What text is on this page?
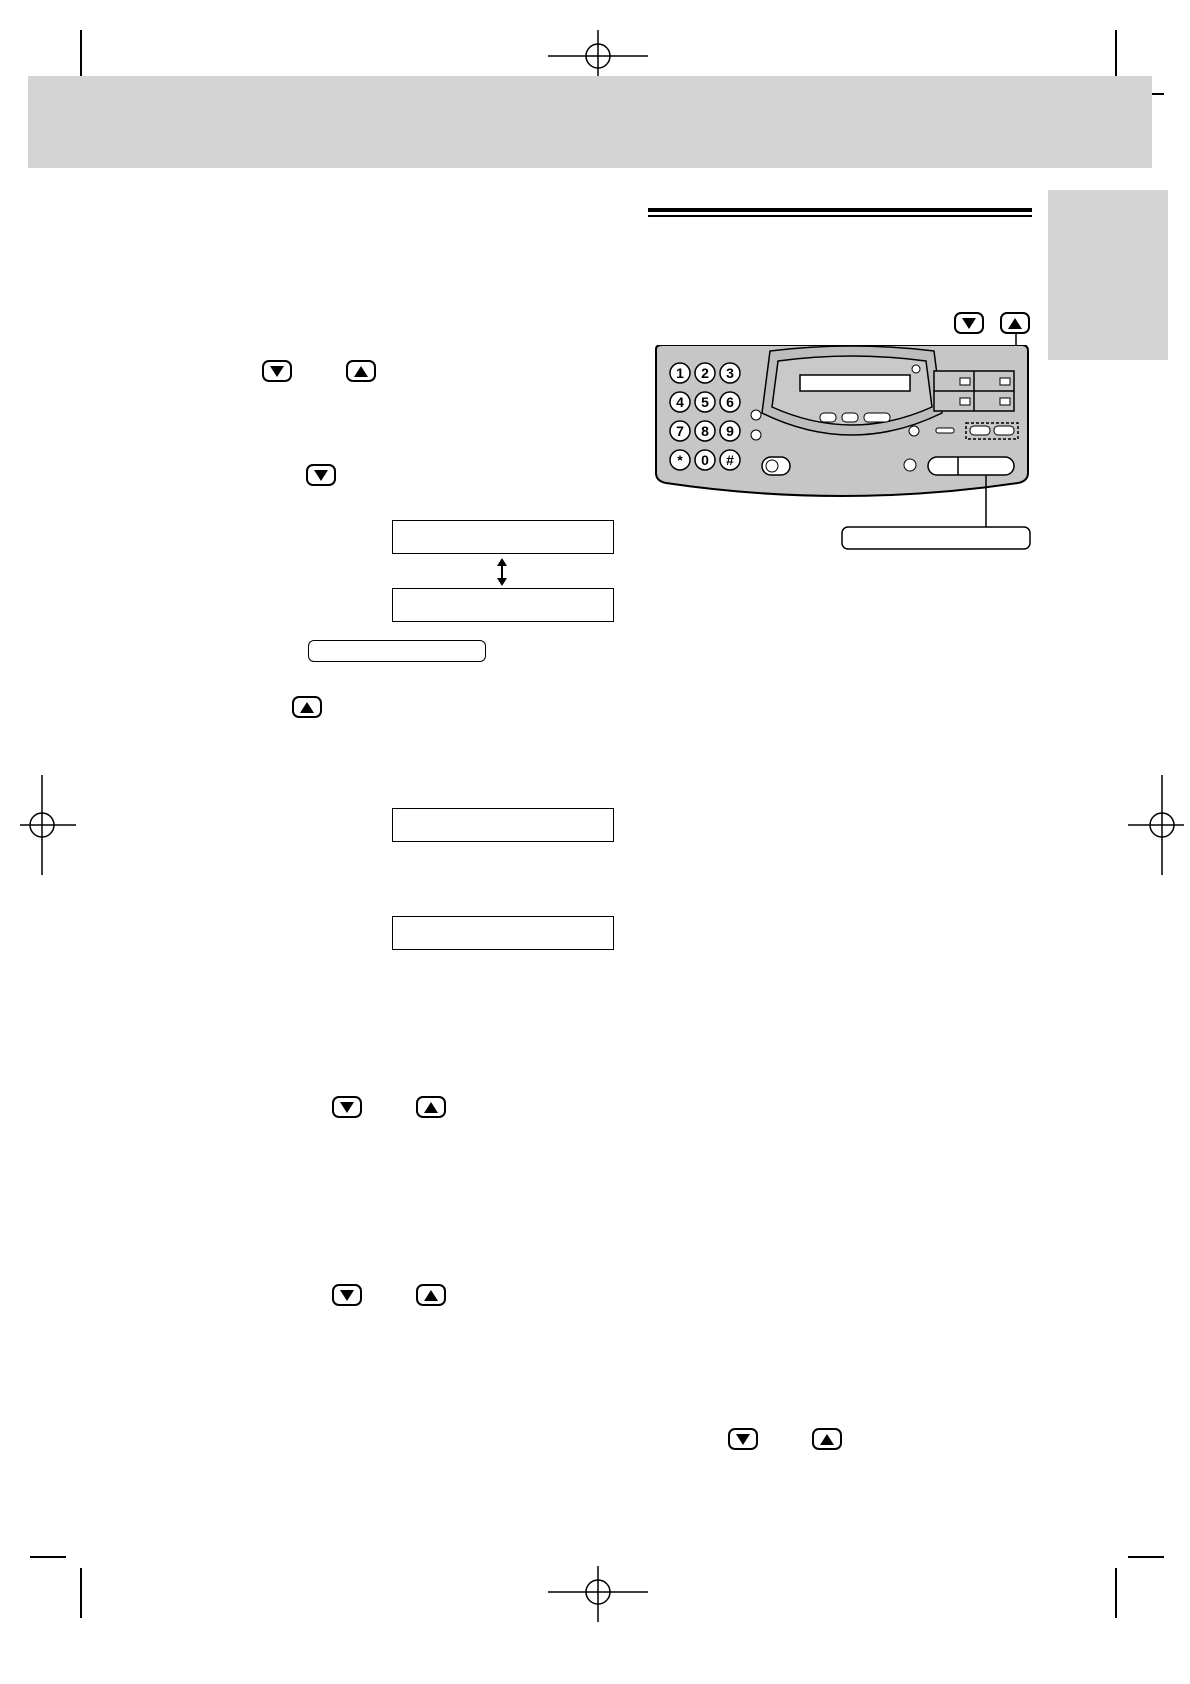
1 2 3
4 5 6
7 8 9
* 0 #
